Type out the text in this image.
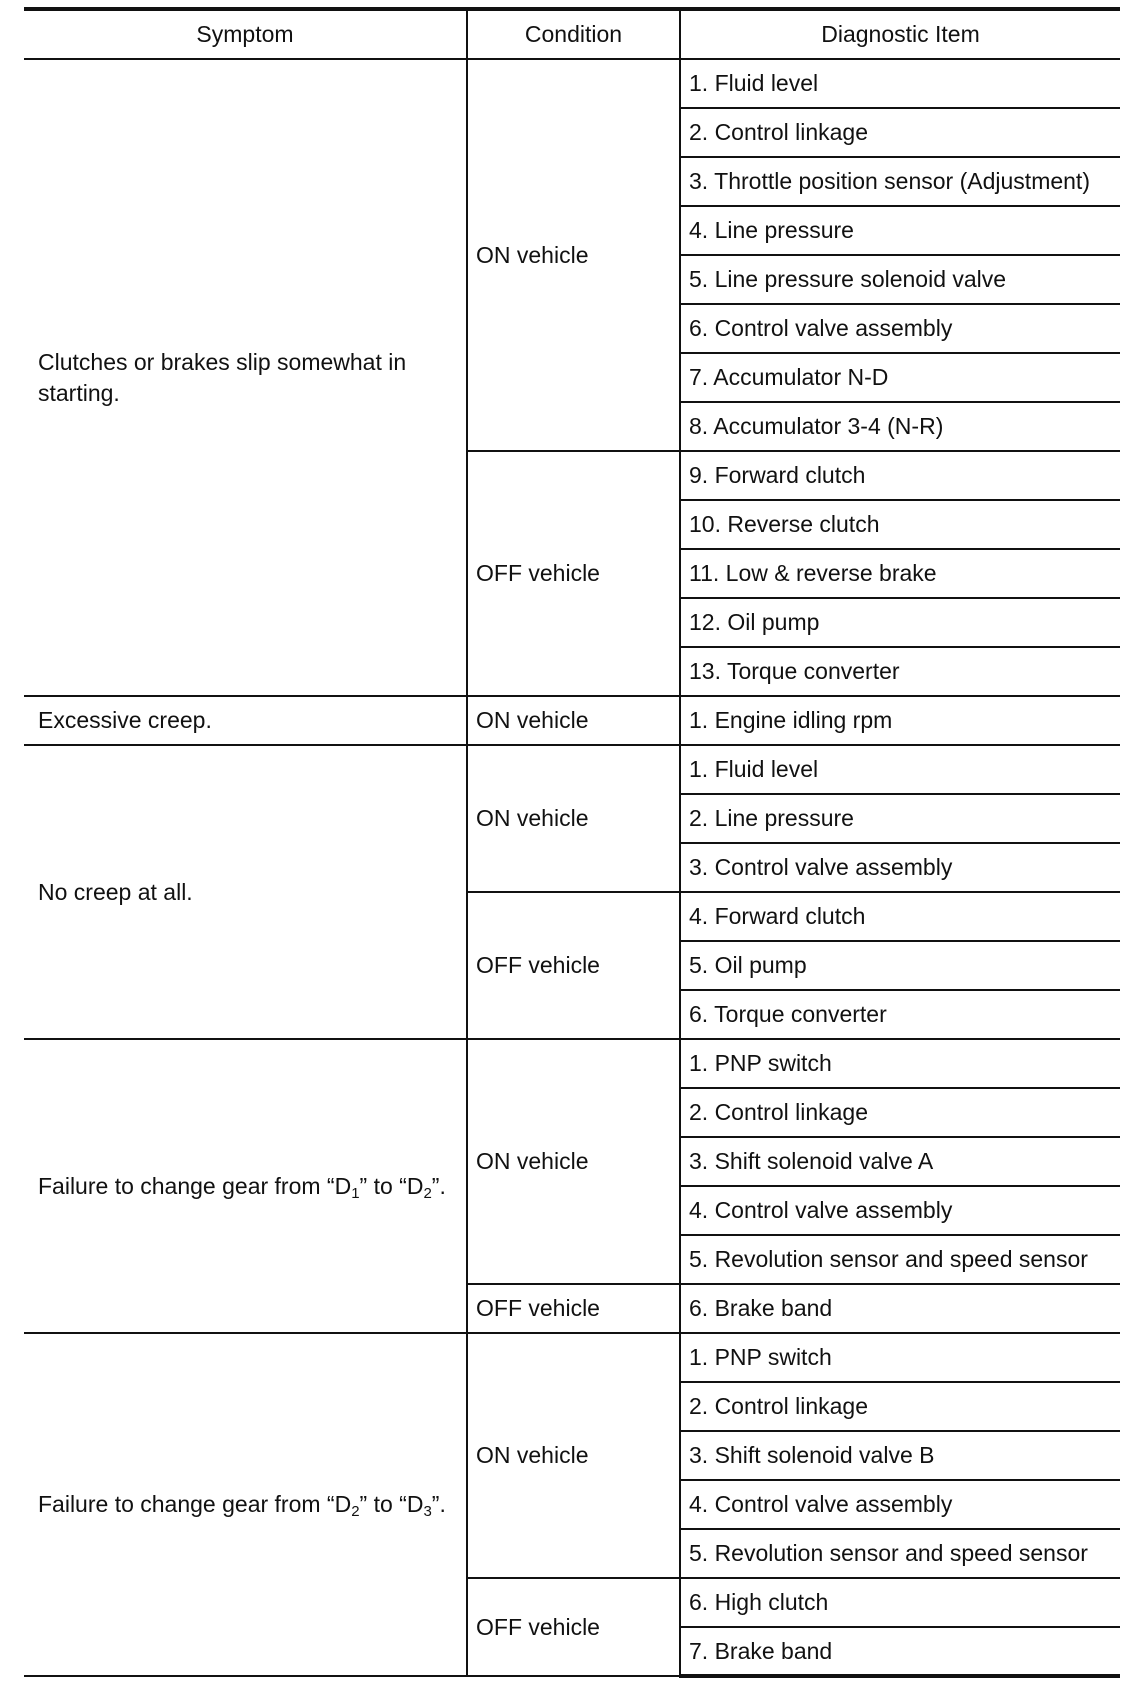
Symptom	Condition	Diagnostic Item
Clutches or brakes slip somewhat in starting.	ON vehicle	1. Fluid level
		2. Control linkage
		3. Throttle position sensor (Adjustment)
		4. Line pressure
		5. Line pressure solenoid valve
		6. Control valve assembly
		7. Accumulator N-D
		8. Accumulator 3-4 (N-R)
	OFF vehicle	9. Forward clutch
		10. Reverse clutch
		11. Low & reverse brake
		12. Oil pump
		13. Torque converter
Excessive creep.	ON vehicle	1. Engine idling rpm
No creep at all.	ON vehicle	1. Fluid level
		2. Line pressure
		3. Control valve assembly
	OFF vehicle	4. Forward clutch
		5. Oil pump
		6. Torque converter
Failure to change gear from “$D_1$” to “$D_2$”.	ON vehicle	1. PNP switch
		2. Control linkage
		3. Shift solenoid valve A
		4. Control valve assembly
		5. Revolution sensor and speed sensor
	OFF vehicle	6. Brake band
Failure to change gear from “$D_2$” to “$D_3$”.	ON vehicle	1. PNP switch
		2. Control linkage
		3. Shift solenoid valve B
		4. Control valve assembly
		5. Revolution sensor and speed sensor
	OFF vehicle	6. High clutch
		7. Brake band
